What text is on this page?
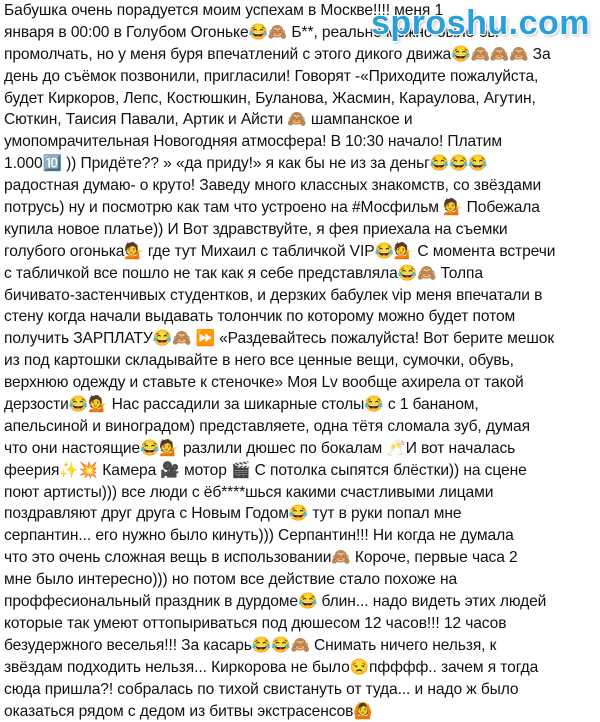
Бабушка очень порадуется моим успехам в Москве!!!! меня 1
января в 00:00 в Голубом Огоньке😂🙈 Б**, реально можно было бы
промолчать, но у меня буря впечатлений с этого дикого движа😂🙈🙈🙈 За
день до съёмок позвонили, пригласили! Говорят -«Приходите пожалуйста,
будет Киркоров, Лепс, Костюшкин, Буланова, Жасмин, Караулова, Агутин,
Сюткин, Таисия Павали, Артик и Айсти 🙈 шампанское и
умопомрачительная Новогодняя атмосфера! В 10:30 начало! Платим
1.000🔟 )) Придёте?? » «да приду!» я как бы не из за деньг😂😂😂
радостная думаю- о круто! Заведу много классных знакомств, со звёздами
потрусь) ну и посмотрю как там что устроено на #Мосфильм 💁 Побежала
купила новое платье)) И Вот здравствуйте, я фея приехала на съемки
голубого огонька💁 где тут Михаил с табличкой VIP😂💁 С момента встречи
с табличкой все пошло не так как я себе представляла😂🙈 Толпа
бичивато-застенчивых студентков, и дерзких бабулек vip меня впечатали в
стену когда начали выдавать толончик по которому можно будет потом
получить ЗАРПЛАТУ😂🙈 ⏩ «Раздевайтесь пожалуйста! Вот берите мешок
из под картошки складывайте в него все ценные вещи, сумочки, обувь,
верхнюю одежду и ставьте к стеночке» Моя Lv вообще ахирела от такой
дерзости😂💁 Нас рассадили за шикарные столы😂 с 1 бананом,
апельсиной и виноградом) представляете, одна тётя сломала зуб, думая
что они настоящие😂💁 разлили дюшес по бокалам 🥂И вот началась
феерия✨💥 Камера 🎥 мотор 🎬 С потолка сыпятся блёстки)) на сцене
поют артисты))) все люди с ёб****шься какими счастливыми лицами
поздравляют друг друга с Новым Годом😂 тут в руки попал мне
серпантин... его нужно было кинуть))) Серпантин!!! Ни когда не думала
что это очень сложная вещь в использовании🙈 Короче, первые часа 2
мне было интересно))) но потом все действие стало похоже на
проффесиональный праздник в дурдоме😂 блин... надо видеть этих людей
которые так умеют оттопыриваться под дюшесом 12 часов!!! 12 часов
безудержного веселья!!! За касарь😂😂🙈 Снимать ничего нельзя, к
звёздам подходить нельзя... Киркорова не было😒пфффф.. зачем я тогда
сюда пришла?! собралась по тихой свистануть от туда... и надо ж было
оказаться рядом с дедом из битвы экстрасенсов🙆
sproshu.com
